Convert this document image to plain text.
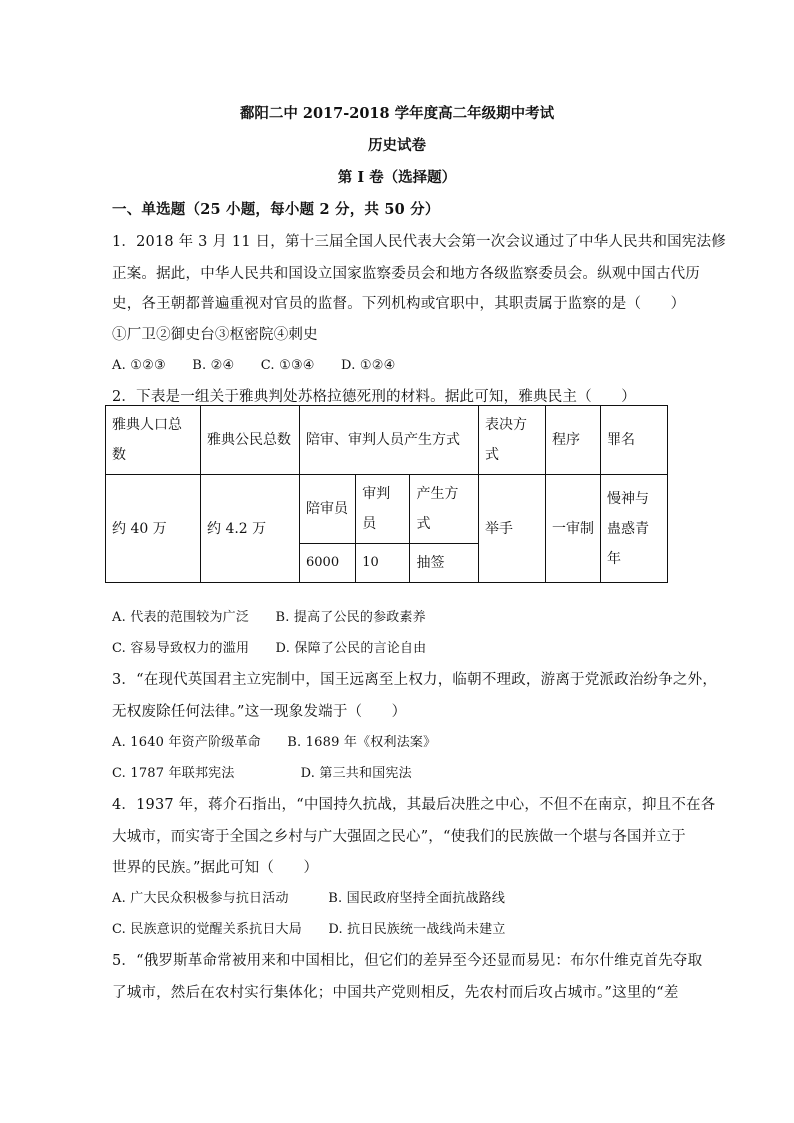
鄱阳二中 2017-2018 学年度高二年级期中考试
历史试卷
第 I 卷（选择题）
一、单选题（25 小题，每小题 2 分，共 50 分）
1．2018 年 3 月 11 日，第十三届全国人民代表大会第一次会议通过了中华人民共和国宪法修
正案。据此，中华人民共和国设立国家监察委员会和地方各级监察委员会。纵观中国古代历
史，各王朝都普遍重视对官员的监督。下列机构或官职中，其职责属于监察的是（　　）
①厂卫②御史台③枢密院④刺史
A. ①②③　　B. ②④　　C. ①③④　　D. ①②④
2．下表是一组关于雅典判处苏格拉德死刑的材料。据此可知，雅典民主（　　）
雅典人口总数	雅典公民总数	陪审、审判人员产生方式			表决方式	程序	罪名
约 40 万	约 4.2 万	陪审员	审判员	产生方式	举手	一审制	慢神与蛊惑青年
		6000	10	抽签			
A. 代表的范围较为广泛　　B. 提高了公民的参政素养
C. 容易导致权力的滥用　　D. 保障了公民的言论自由
3．“在现代英国君主立宪制中，国王远离至上权力，临朝不理政，游离于党派政治纷争之外，
无权废除任何法律。”这一现象发端于（　　）
A. 1640 年资产阶级革命　　B. 1689 年《权利法案》
C. 1787 年联邦宪法　　　　　D. 第三共和国宪法
4．1937 年，蒋介石指出，“中国持久抗战，其最后决胜之中心，不但不在南京，抑且不在各
大城市，而实寄于全国之乡村与广大强固之民心”，“使我们的民族做一个堪与各国并立于
世界的民族。”据此可知（　　）
A. 广大民众积极参与抗日活动　　　B. 国民政府坚持全面抗战路线
C. 民族意识的觉醒关系抗日大局　　D. 抗日民族统一战线尚未建立
5．“俄罗斯革命常被用来和中国相比，但它们的差异至今还显而易见：布尔什维克首先夺取
了城市，然后在农村实行集体化；中国共产党则相反，先农村而后攻占城市。”这里的“差
